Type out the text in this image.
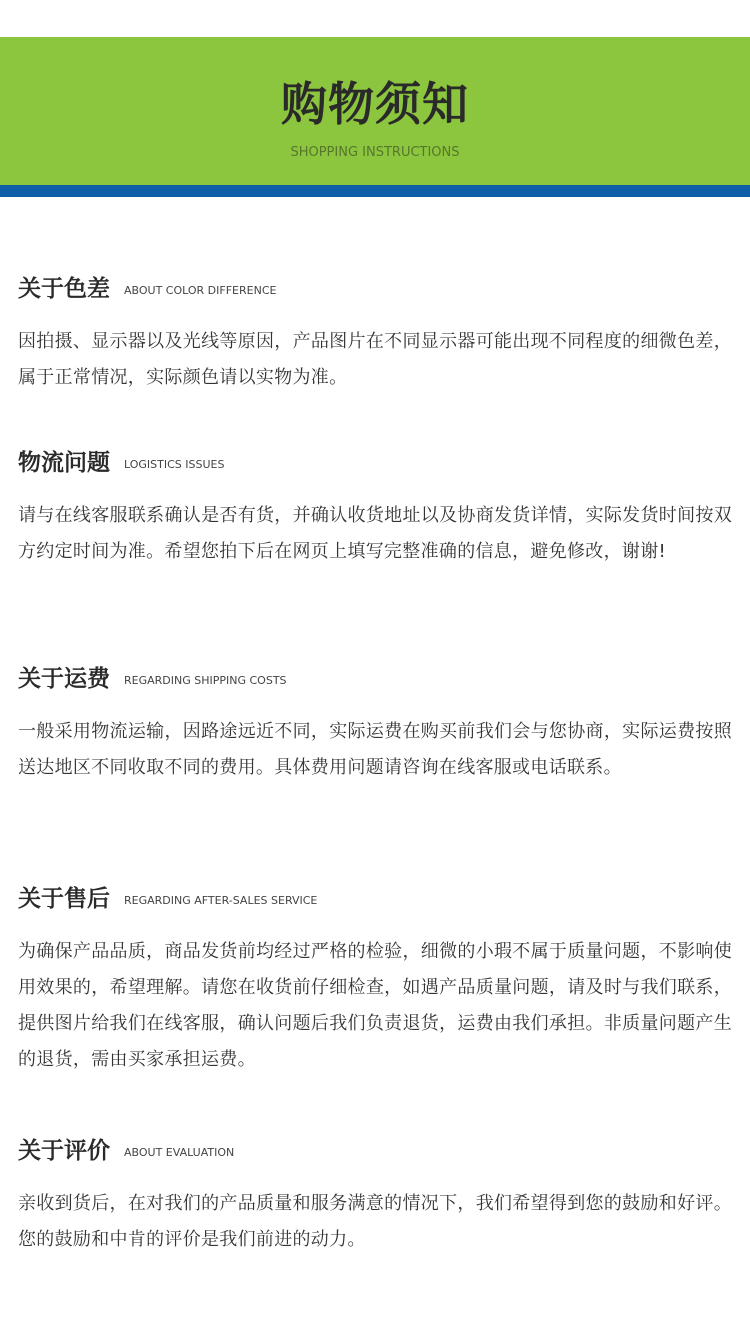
购物须知
SHOPPING INSTRUCTIONS
关于色差 ABOUT COLOR DIFFERENCE

因拍摄、显示器以及光线等原因，产品图片在不同显示器可能出现不同程度的细微色差，属于正常情况，实际颜色请以实物为准。

物流问题 LOGISTICS ISSUES

请与在线客服联系确认是否有货，并确认收货地址以及协商发货详情，实际发货时间按双方约定时间为准。希望您拍下后在网页上填写完整准确的信息，避免修改，谢谢!

关于运费 REGARDING SHIPPING COSTS

一般采用物流运输，因路途远近不同，实际运费在购买前我们会与您协商，实际运费按照送达地区不同收取不同的费用。具体费用问题请咨询在线客服或电话联系。

关于售后 REGARDING AFTER-SALES SERVICE

为确保产品品质，商品发货前均经过严格的检验，细微的小瑕不属于质量问题，不影响使用效果的，希望理解。请您在收货前仔细检查，如遇产品质量问题，请及时与我们联系，提供图片给我们在线客服，确认问题后我们负责退货，运费由我们承担。非质量问题产生的退货，需由买家承担运费。

关于评价 ABOUT EVALUATION

亲收到货后，在对我们的产品质量和服务满意的情况下，我们希望得到您的鼓励和好评。您的鼓励和中肯的评价是我们前进的动力。
